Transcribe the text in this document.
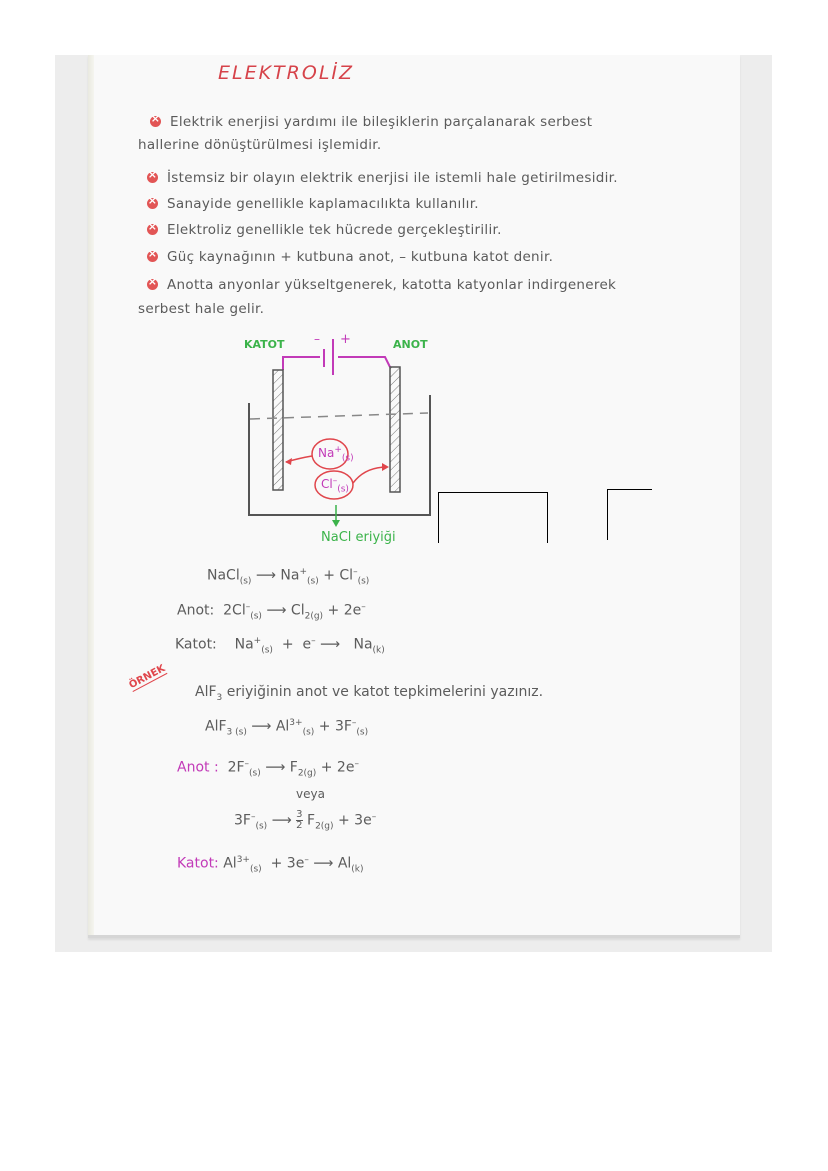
ELEKTROLİZ
×Elektrik enerjisi yardımı ile bileşiklerin parçalanarak serbest
hallerine dönüştürülmesi işlemidir.
×İstemsiz bir olayın elektrik enerjisi ile istemli hale getirilmesidir.
×Sanayide genellikle kaplamacılıkta kullanılır.
×Elektroliz genellikle tek hücrede gerçekleştirilir.
×Güç kaynağının + kutbuna anot, – kutbuna katot denir.
×Anotta anyonlar yükseltgenerek, katotta katyonlar indirgenerek
serbest hale gelir.
KATOT	ANOT
– +
$Na^+_{(s)}$
$Cl^-_{(s)}$
NaCl eriyiği
NaCl$_{(s)}$ ⟶ $Na^+_{(s)} + Cl^-_{(s)}$
Anot: $2Cl^-_{(s)}$ ⟶ $Cl_{2(g)} + 2e^-$
Katot: $Na^+_{(s)} + e^-$ ⟶ $Na_{(k)}$
ÖRNEK
AlF$_3$ eriyiğinin anot ve katot tepkimelerini yazınız.
AlF$_{3 (s)}$ ⟶ $Al^{3+}_{(s)} + 3F^-_{(s)}$
Anot : $2F^-_{(s)}$ ⟶ $F_{2(g)} + 2e^-$
veya
$3F^-_{(s)}$ ⟶ $\frac{3}{2} F_{2(g)} + 3e^-$
Katot: $Al^{3+}_{(s)} + 3e^-$ ⟶ $Al_{(k)}$
